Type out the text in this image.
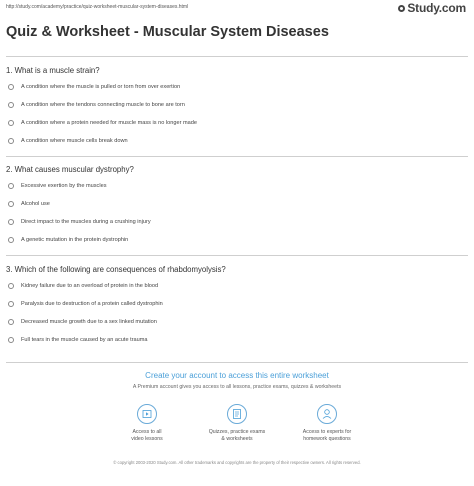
http://study.com/academy/practice/quiz-worksheet-muscular-system-diseases.html	Study.com
Quiz & Worksheet - Muscular System Diseases
1. What is a muscle strain?
A condition where the muscle is pulled or torn from over exertion
A condition where the tendons connecting muscle to bone are torn
A condition where a protein needed for muscle mass is no longer made
A condition where muscle cells break down
2. What causes muscular dystrophy?
Excessive exertion by the muscles
Alcohol use
Direct impact to the muscles during a crushing injury
A genetic mutation in the protein dystrophin
3. Which of the following are consequences of rhabdomyolysis?
Kidney failure due to an overload of protein in the blood
Paralysis due to destruction of a protein called dystrophin
Decreased muscle growth due to a sex linked mutation
Full tears in the muscle caused by an acute trauma
Create your account to access this entire worksheet
A Premium account gives you access to all lessons, practice exams, quizzes & worksheets
Access to all
video lessons
Quizzes, practice exams
& worksheets
Access to experts for
homework questions
© copyright 2003-2020 Study.com. All other trademarks and copyrights are the property of their respective owners. All rights reserved.
